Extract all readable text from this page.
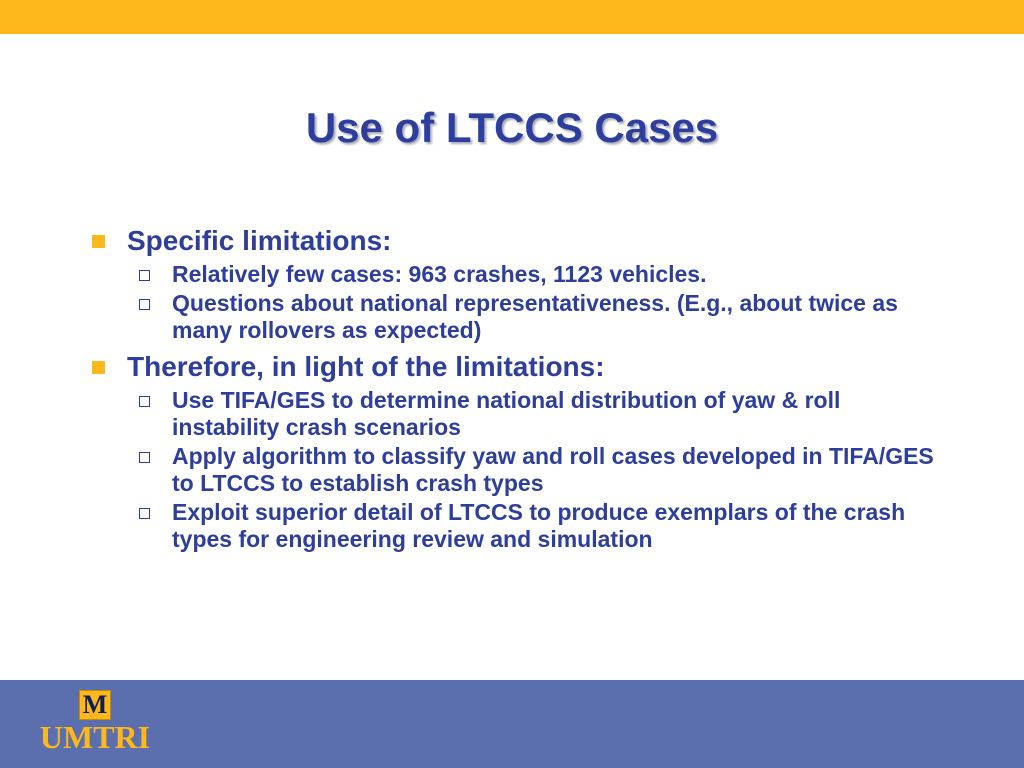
Use of LTCCS Cases
Specific limitations:
Relatively few cases: 963 crashes, 1123 vehicles.
Questions about national representativeness. (E.g., about twice as many rollovers as expected)
Therefore, in light of the limitations:
Use TIFA/GES to determine national distribution of yaw & roll instability crash scenarios
Apply algorithm to classify yaw and roll cases developed in TIFA/GES to LTCCS to establish crash types
Exploit superior detail of LTCCS to produce exemplars of the crash types for engineering review and simulation
M
UMTRI
